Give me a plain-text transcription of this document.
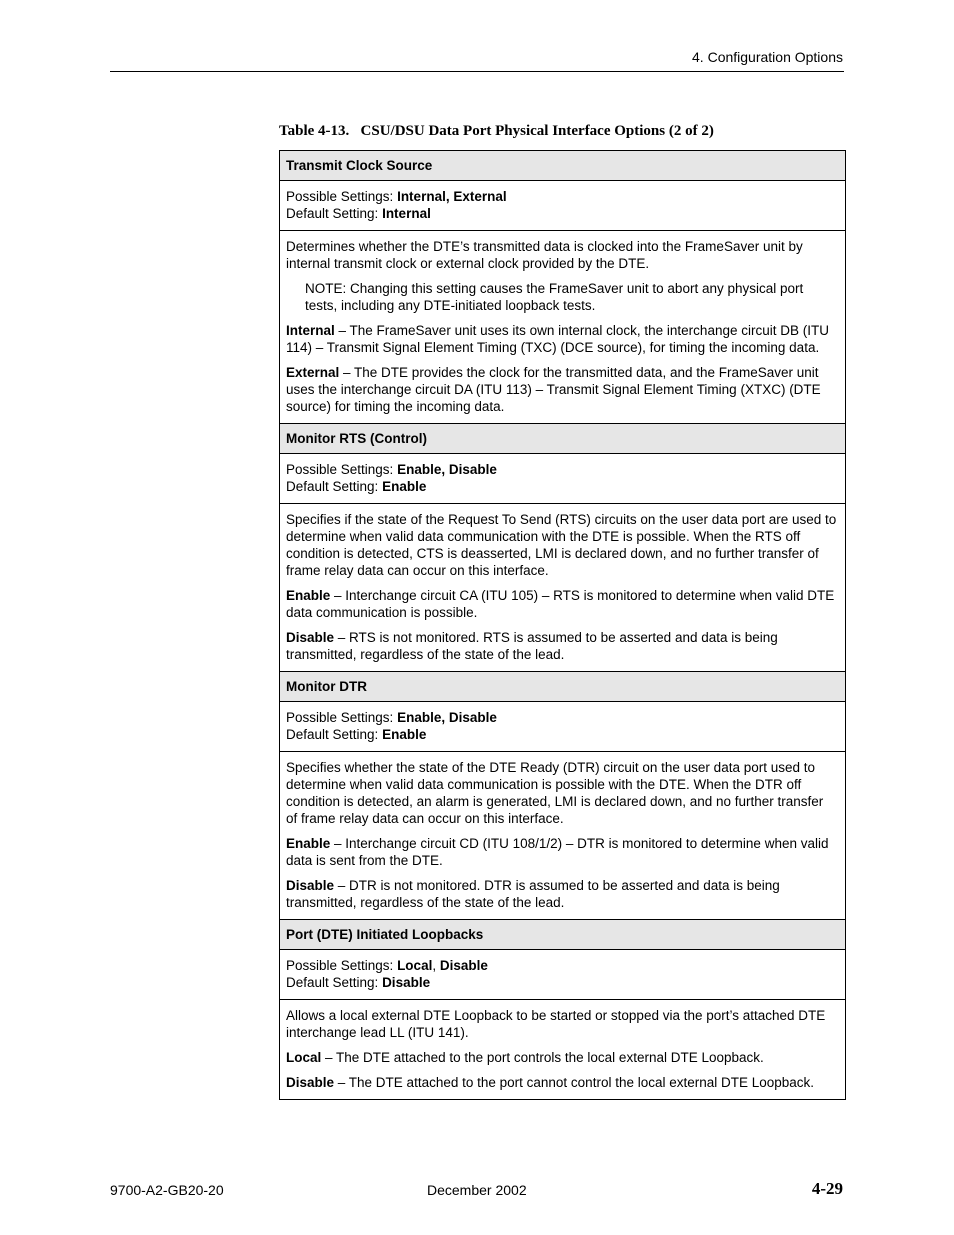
4. Configuration Options
Table 4-13.   CSU/DSU Data Port Physical Interface Options (2 of 2)
Transmit Clock Source
Possible Settings: Internal, External
Default Setting: Internal

Determines whether the DTE’s transmitted data is clocked into the FrameSaver unit by internal transmit clock or external clock provided by the DTE.

NOTE: Changing this setting causes the FrameSaver unit to abort any physical port tests, including any DTE-initiated loopback tests.

Internal – The FrameSaver unit uses its own internal clock, the interchange circuit DB (ITU 114) – Transmit Signal Element Timing (TXC) (DCE source), for timing the incoming data.

External – The DTE provides the clock for the transmitted data, and the FrameSaver unit uses the interchange circuit DA (ITU 113) – Transmit Signal Element Timing (XTXC) (DTE source) for timing the incoming data.

Monitor RTS (Control)
Possible Settings: Enable, Disable
Default Setting: Enable

Specifies if the state of the Request To Send (RTS) circuits on the user data port are used to determine when valid data communication with the DTE is possible. When the RTS off condition is detected, CTS is deasserted, LMI is declared down, and no further transfer of frame relay data can occur on this interface.

Enable – Interchange circuit CA (ITU 105) – RTS is monitored to determine when valid DTE data communication is possible.

Disable – RTS is not monitored. RTS is assumed to be asserted and data is being transmitted, regardless of the state of the lead.

Monitor DTR
Possible Settings: Enable, Disable
Default Setting: Enable

Specifies whether the state of the DTE Ready (DTR) circuit on the user data port used to determine when valid data communication is possible with the DTE. When the DTR off condition is detected, an alarm is generated, LMI is declared down, and no further transfer of frame relay data can occur on this interface.

Enable – Interchange circuit CD (ITU 108/1/2) – DTR is monitored to determine when valid data is sent from the DTE.

Disable – DTR is not monitored. DTR is assumed to be asserted and data is being transmitted, regardless of the state of the lead.

Port (DTE) Initiated Loopbacks
Possible Settings: Local, Disable
Default Setting: Disable

Allows a local external DTE Loopback to be started or stopped via the port’s attached DTE interchange lead LL (ITU 141).

Local – The DTE attached to the port controls the local external DTE Loopback.

Disable – The DTE attached to the port cannot control the local external DTE Loopback.

9700-A2-GB20-20	December 2002	4-29
